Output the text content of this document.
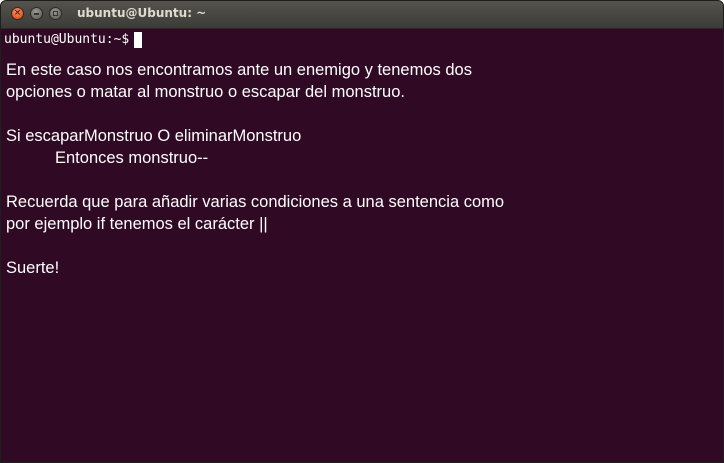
×	ubuntu@Ubuntu: ~
ubuntu@Ubuntu:~$

En este caso nos encontramos ante un enemigo y tenemos dos

opciones o matar al monstruo o escapar del monstruo.

Si escaparMonstruo O eliminarMonstruo

Entonces monstruo--

Recuerda que para añadir varias condiciones a una sentencia como

por ejemplo if tenemos el carácter ||

Suerte!
